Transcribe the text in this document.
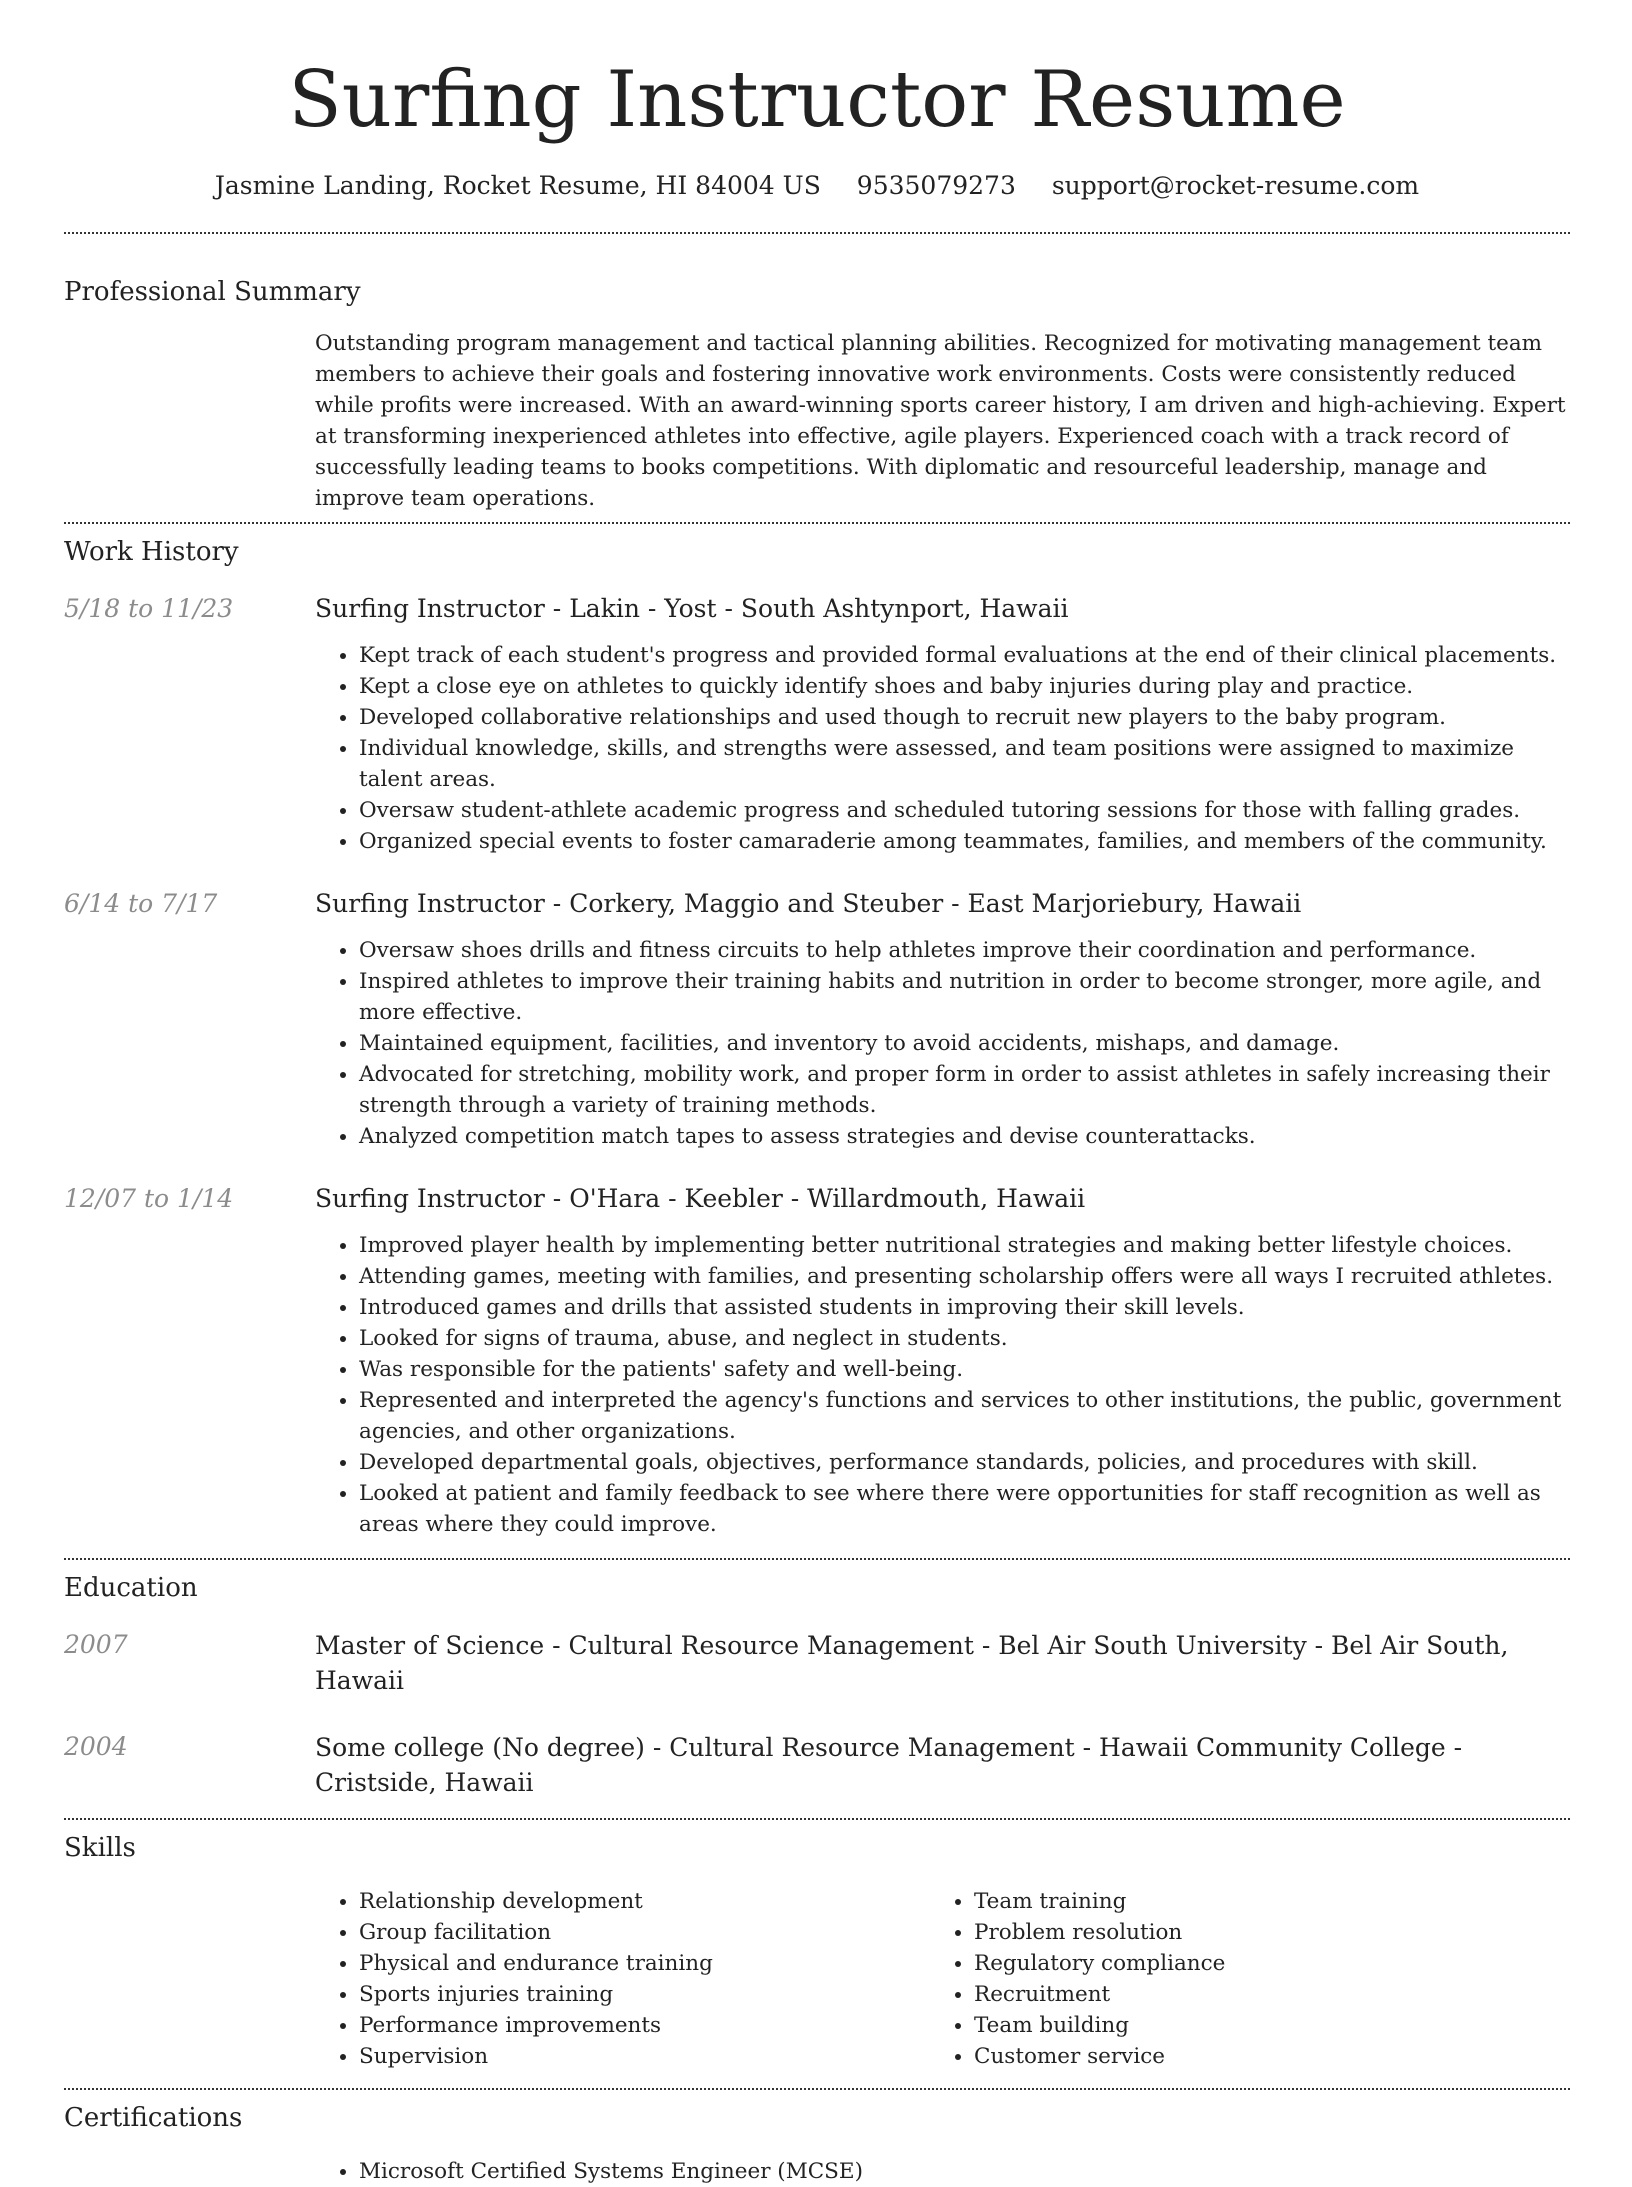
Surfing Instructor Resume
Jasmine Landing, Rocket Resume, HI 84004 US 9535079273 support@rocket-resume.com
Professional Summary

Outstanding program management and tactical planning abilities. Recognized for motivating management team members to achieve their goals and fostering innovative work environments. Costs were consistently reduced while profits were increased. With an award-winning sports career history, I am driven and high-achieving. Expert at transforming inexperienced athletes into effective, agile players. Experienced coach with a track record of successfully leading teams to books competitions. With diplomatic and resourceful leadership, manage and improve team operations.

Work History
5/18 to 11/23	Surfing Instructor - Lakin - Yost - South Ashtynport, Hawaii
• Kept track of each student's progress and provided formal evaluations at the end of their clinical placements.
• Kept a close eye on athletes to quickly identify shoes and baby injuries during play and practice.
• Developed collaborative relationships and used though to recruit new players to the baby program.
• Individual knowledge, skills, and strengths were assessed, and team positions were assigned to maximize talent areas.
• Oversaw student-athlete academic progress and scheduled tutoring sessions for those with falling grades.
• Organized special events to foster camaraderie among teammates, families, and members of the community.
6/14 to 7/17	Surfing Instructor - Corkery, Maggio and Steuber - East Marjoriebury, Hawaii
• Oversaw shoes drills and fitness circuits to help athletes improve their coordination and performance.
• Inspired athletes to improve their training habits and nutrition in order to become stronger, more agile, and more effective.
• Maintained equipment, facilities, and inventory to avoid accidents, mishaps, and damage.
• Advocated for stretching, mobility work, and proper form in order to assist athletes in safely increasing their strength through a variety of training methods.
• Analyzed competition match tapes to assess strategies and devise counterattacks.
12/07 to 1/14	Surfing Instructor - O'Hara - Keebler - Willardmouth, Hawaii
• Improved player health by implementing better nutritional strategies and making better lifestyle choices.
• Attending games, meeting with families, and presenting scholarship offers were all ways I recruited athletes.
• Introduced games and drills that assisted students in improving their skill levels.
• Looked for signs of trauma, abuse, and neglect in students.
• Was responsible for the patients' safety and well-being.
• Represented and interpreted the agency's functions and services to other institutions, the public, government agencies, and other organizations.
• Developed departmental goals, objectives, performance standards, policies, and procedures with skill.
• Looked at patient and family feedback to see where there were opportunities for staff recognition as well as areas where they could improve.
Education
2007	Master of Science - Cultural Resource Management - Bel Air South University - Bel Air South, Hawaii
2004	Some college (No degree) - Cultural Resource Management - Hawaii Community College - Cristside, Hawaii
Skills
• Relationship development
• Group facilitation
• Physical and endurance training
• Sports injuries training
• Performance improvements
• Supervision
• Team training
• Problem resolution
• Regulatory compliance
• Recruitment
• Team building
• Customer service
Certifications
• Microsoft Certified Systems Engineer (MCSE)
